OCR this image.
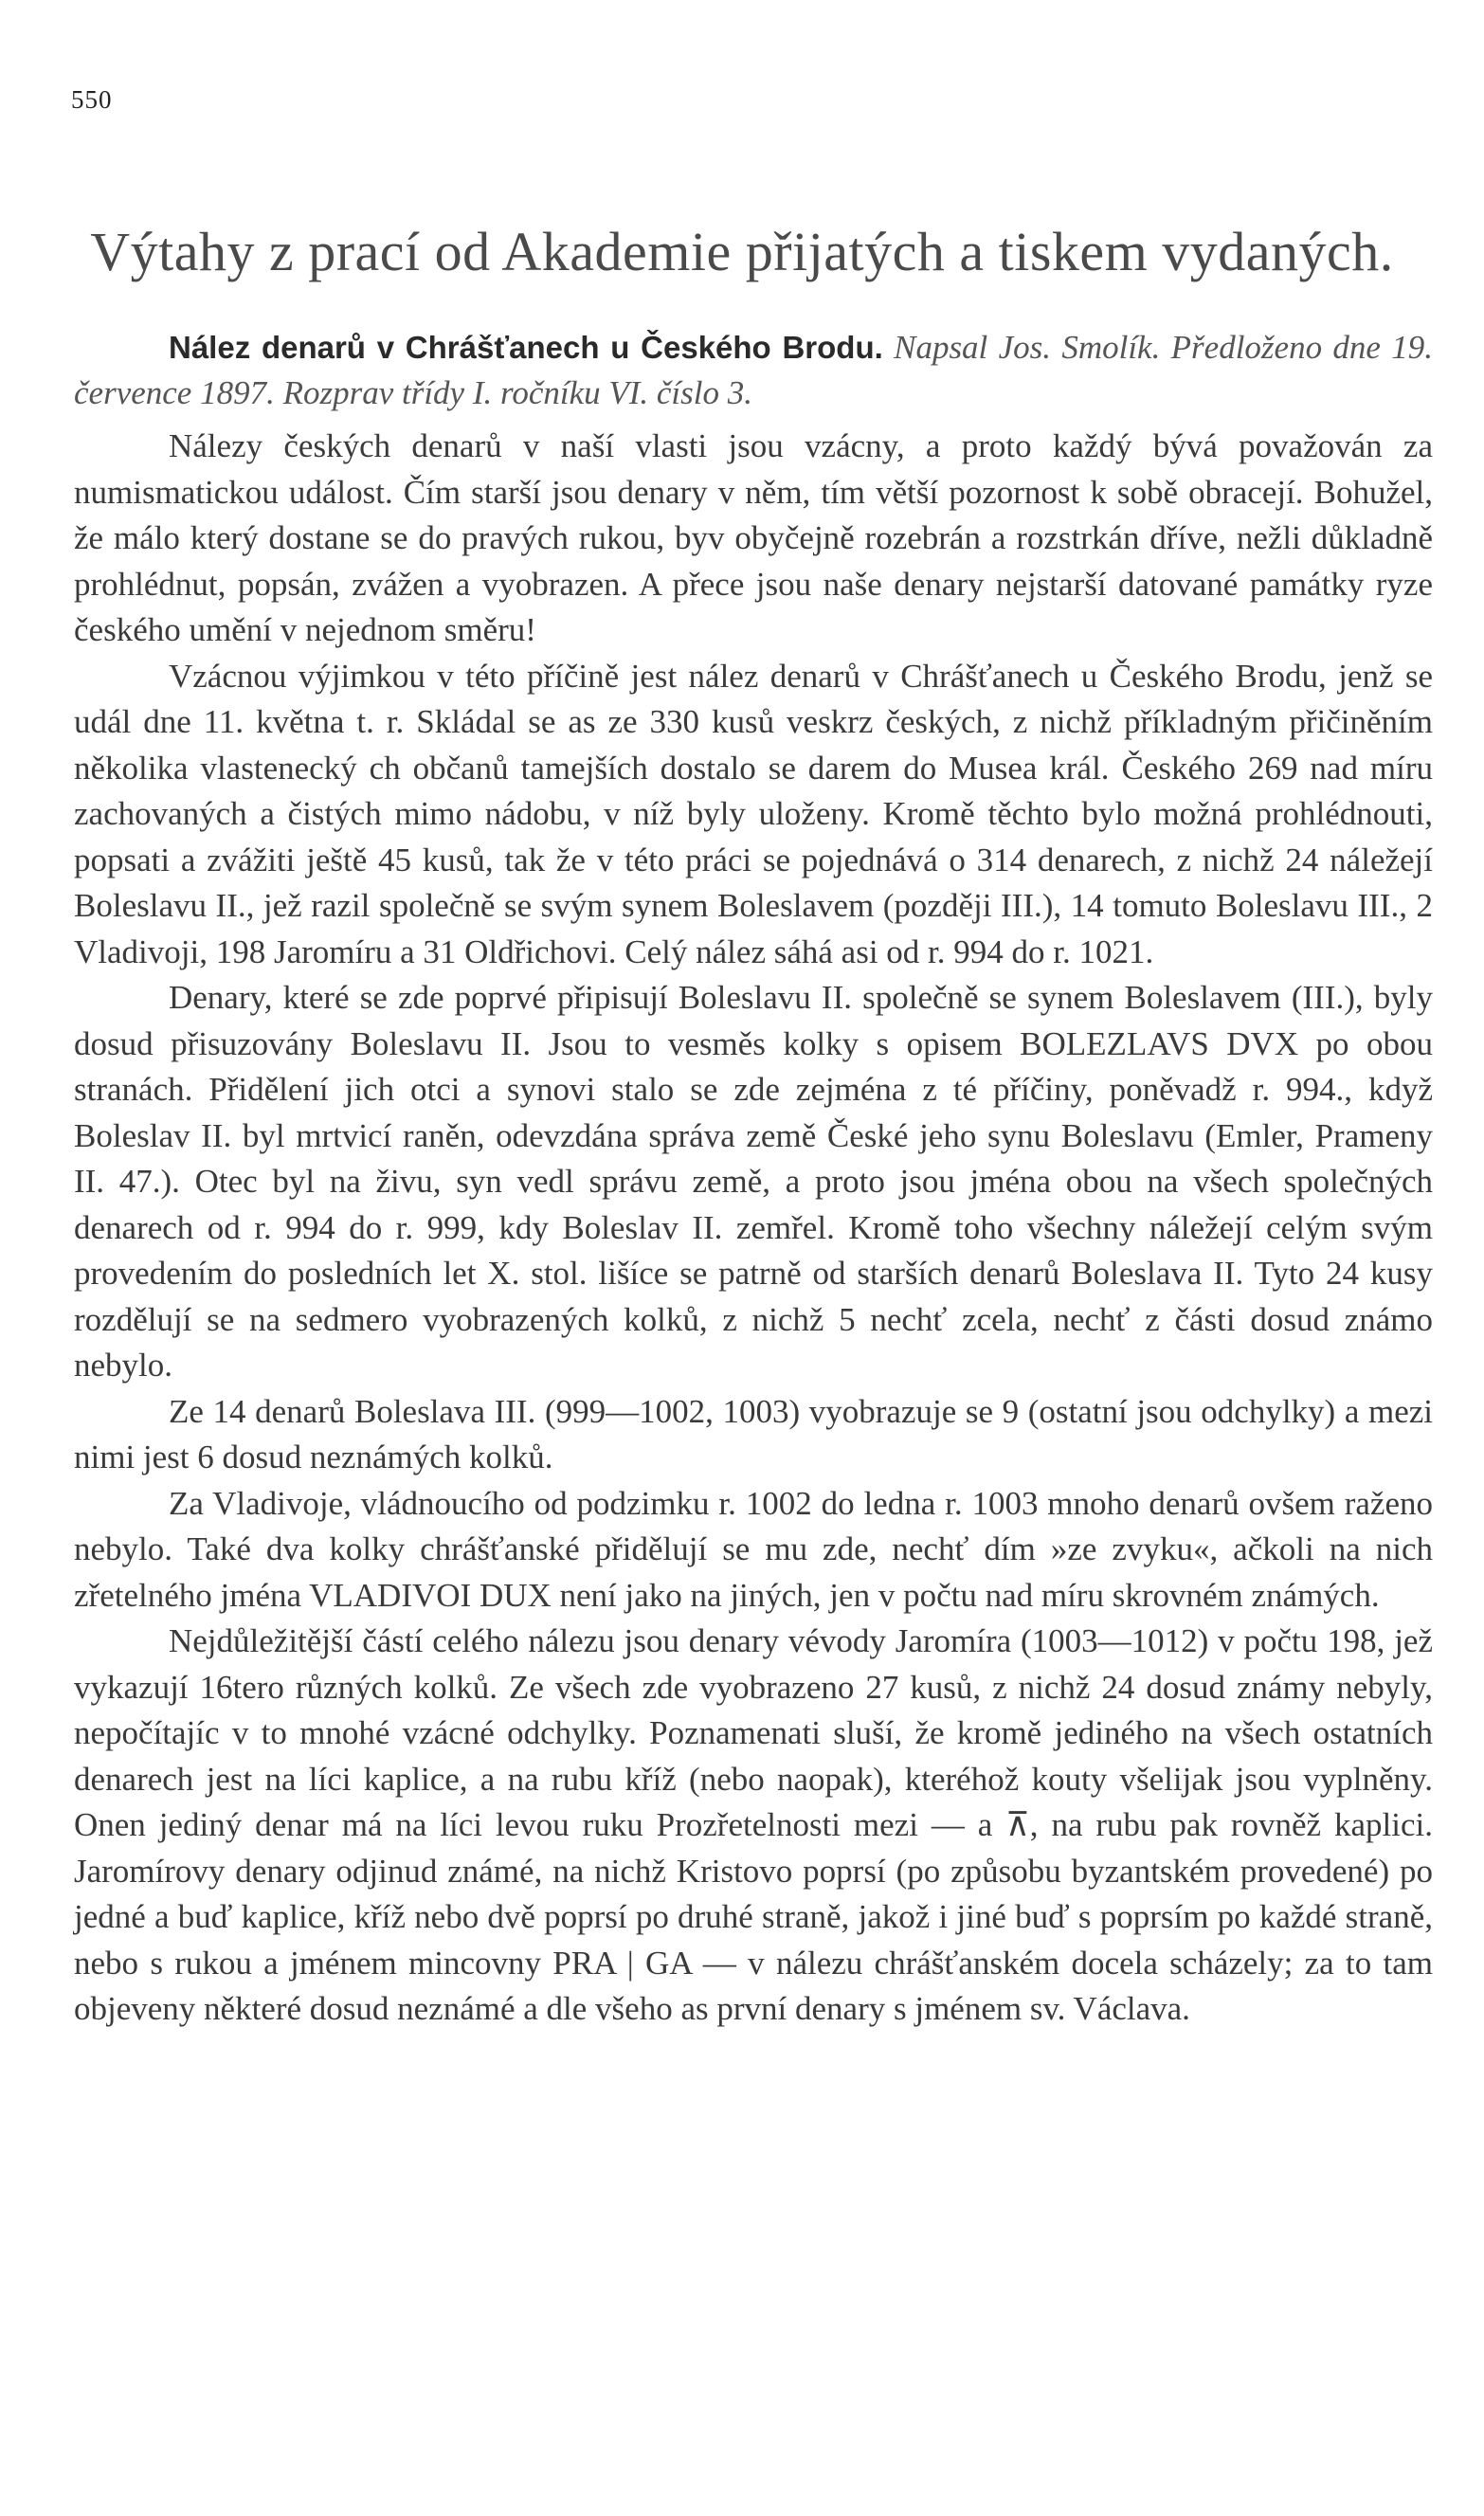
550
Výtahy z prací od Akademie přijatých a tiskem vydaných.

Nález denarů v Chrášťanech u Českého Brodu. Napsal Jos. Smolík. Předloženo dne 19. července 1897. Rozprav třídy I. ročníku VI. číslo 3.

Nálezy českých denarů v naší vlasti jsou vzácny, a proto každý bývá považován za numismatickou událost. Čím starší jsou denary v něm, tím větší pozornost k sobě obracejí. Bohužel, že málo který dostane se do pravých rukou, byv obyčejně rozebrán a rozstrkán dříve, nežli důkladně prohlédnut, popsán, zvážen a vyobrazen. A přece jsou naše denary nejstarší datované památky ryze českého umění v nejednom směru!

Vzácnou výjimkou v této příčině jest nález denarů v Chrášťanech u Českého Brodu, jenž se udál dne 11. května t. r. Skládal se as ze 330 kusů veskrz českých, z nichž příkladným přičiněním několika vlastenecký ch občanů tamejších dostalo se darem do Musea král. Českého 269 nad míru zachovaných a čistých mimo nádobu, v níž byly uloženy. Kromě těchto bylo možná prohlédnouti, popsati a zvážiti ještě 45 kusů, tak že v této práci se pojednává o 314 denarech, z nichž 24 náležejí Boleslavu II., jež razil společně se svým synem Boleslavem (později III.), 14 tomuto Boleslavu III., 2 Vladivoji, 198 Jaromíru a 31 Oldřichovi. Celý nález sáhá asi od r. 994 do r. 1021.

Denary, které se zde poprvé připisují Boleslavu II. společně se synem Boleslavem (III.), byly dosud přisuzovány Boleslavu II. Jsou to vesměs kolky s opisem BOLEZLAVS DVX po obou stranách. Přidělení jich otci a synovi stalo se zde zejména z té příčiny, poněvadž r. 994., když Boleslav II. byl mrtvicí raněn, odevzdána správa země České jeho synu Boleslavu (Emler, Prameny II. 47.). Otec byl na živu, syn vedl správu země, a proto jsou jména obou na všech společných denarech od r. 994 do r. 999, kdy Boleslav II. zemřel. Kromě toho všechny náležejí celým svým provedením do posledních let X. stol. lišíce se patrně od starších denarů Boleslava II. Tyto 24 kusy rozdělují se na sedmero vyobrazených kolků, z nichž 5 nechť zcela, nechť z části dosud známo nebylo.

Ze 14 denarů Boleslava III. (999—1002, 1003) vyobrazuje se 9 (ostatní jsou odchylky) a mezi nimi jest 6 dosud neznámých kolků.

Za Vladivoje, vládnoucího od podzimku r. 1002 do ledna r. 1003 mnoho denarů ovšem raženo nebylo. Také dva kolky chrášťanské přidělují se mu zde, nechť dím »ze zvyku«, ačkoli na nich zřetelného jména VLADIVOI DUX není jako na jiných, jen v počtu nad míru skrovném známých.

Nejdůležitější částí celého nálezu jsou denary vévody Jaromíra (1003—1012) v počtu 198, jež vykazují 16tero různých kolků. Ze všech zde vyobrazeno 27 kusů, z nichž 24 dosud známy nebyly, nepočítajíc v to mnohé vzácné odchylky. Poznamenati sluší, že kromě jediného na všech ostatních denarech jest na líci kaplice, a na rubu kříž (nebo naopak), kteréhož kouty všelijak jsou vyplněny. Onen jediný denar má na líci levou ruku Prozřetelnosti mezi — a ⊼, na rubu pak rovněž kaplici. Jaromírovy denary odjinud známé, na nichž Kristovo poprsí (po způsobu byzantském provedené) po jedné a buď kaplice, kříž nebo dvě poprsí po druhé straně, jakož i jiné buď s poprsím po každé straně, nebo s rukou a jménem mincovny PRA | GA — v nálezu chrášťanském docela scházely; za to tam objeveny některé dosud neznámé a dle všeho as první denary s jménem sv. Václava.
